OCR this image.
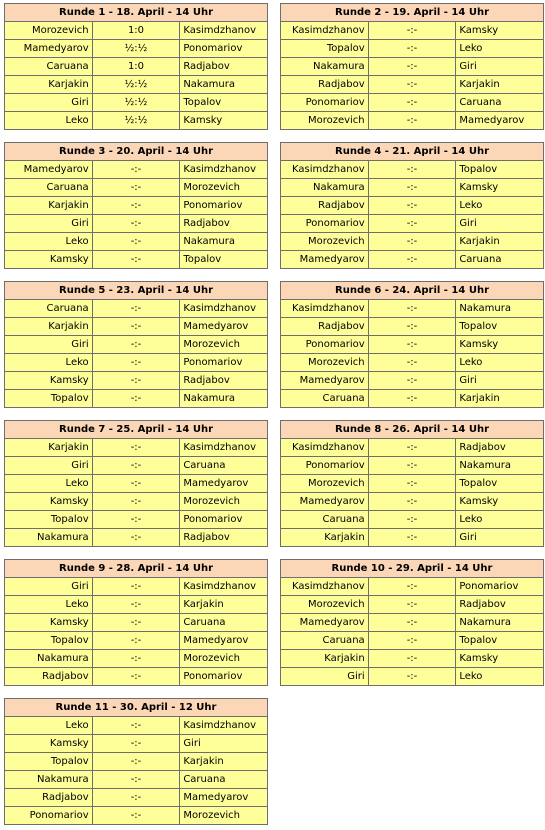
Runde 1 - 18. April - 14 Uhr		
Morozevich	1:0	Kasimdzhanov
Mamedyarov	½:½	Ponomariov
Caruana	1:0	Radjabov
Karjakin	½:½	Nakamura
Giri	½:½	Topalov
Leko	½:½	Kamsky
Runde 2 - 19. April - 14 Uhr		
Kasimdzhanov	-:-	Kamsky
Topalov	-:-	Leko
Nakamura	-:-	Giri
Radjabov	-:-	Karjakin
Ponomariov	-:-	Caruana
Morozevich	-:-	Mamedyarov
Runde 3 - 20. April - 14 Uhr		
Mamedyarov	-:-	Kasimdzhanov
Caruana	-:-	Morozevich
Karjakin	-:-	Ponomariov
Giri	-:-	Radjabov
Leko	-:-	Nakamura
Kamsky	-:-	Topalov
Runde 4 - 21. April - 14 Uhr		
Kasimdzhanov	-:-	Topalov
Nakamura	-:-	Kamsky
Radjabov	-:-	Leko
Ponomariov	-:-	Giri
Morozevich	-:-	Karjakin
Mamedyarov	-:-	Caruana
Runde 5 - 23. April - 14 Uhr		
Caruana	-:-	Kasimdzhanov
Karjakin	-:-	Mamedyarov
Giri	-:-	Morozevich
Leko	-:-	Ponomariov
Kamsky	-:-	Radjabov
Topalov	-:-	Nakamura
Runde 6 - 24. April - 14 Uhr		
Kasimdzhanov	-:-	Nakamura
Radjabov	-:-	Topalov
Ponomariov	-:-	Kamsky
Morozevich	-:-	Leko
Mamedyarov	-:-	Giri
Caruana	-:-	Karjakin
Runde 7 - 25. April - 14 Uhr		
Karjakin	-:-	Kasimdzhanov
Giri	-:-	Caruana
Leko	-:-	Mamedyarov
Kamsky	-:-	Morozevich
Topalov	-:-	Ponomariov
Nakamura	-:-	Radjabov
Runde 8 - 26. April - 14 Uhr		
Kasimdzhanov	-:-	Radjabov
Ponomariov	-:-	Nakamura
Morozevich	-:-	Topalov
Mamedyarov	-:-	Kamsky
Caruana	-:-	Leko
Karjakin	-:-	Giri
Runde 9 - 28. April - 14 Uhr		
Giri	-:-	Kasimdzhanov
Leko	-:-	Karjakin
Kamsky	-:-	Caruana
Topalov	-:-	Mamedyarov
Nakamura	-:-	Morozevich
Radjabov	-:-	Ponomariov
Runde 10 - 29. April - 14 Uhr		
Kasimdzhanov	-:-	Ponomariov
Morozevich	-:-	Radjabov
Mamedyarov	-:-	Nakamura
Caruana	-:-	Topalov
Karjakin	-:-	Kamsky
Giri	-:-	Leko
Runde 11 - 30. April - 12 Uhr		
Leko	-:-	Kasimdzhanov
Kamsky	-:-	Giri
Topalov	-:-	Karjakin
Nakamura	-:-	Caruana
Radjabov	-:-	Mamedyarov
Ponomariov	-:-	Morozevich
